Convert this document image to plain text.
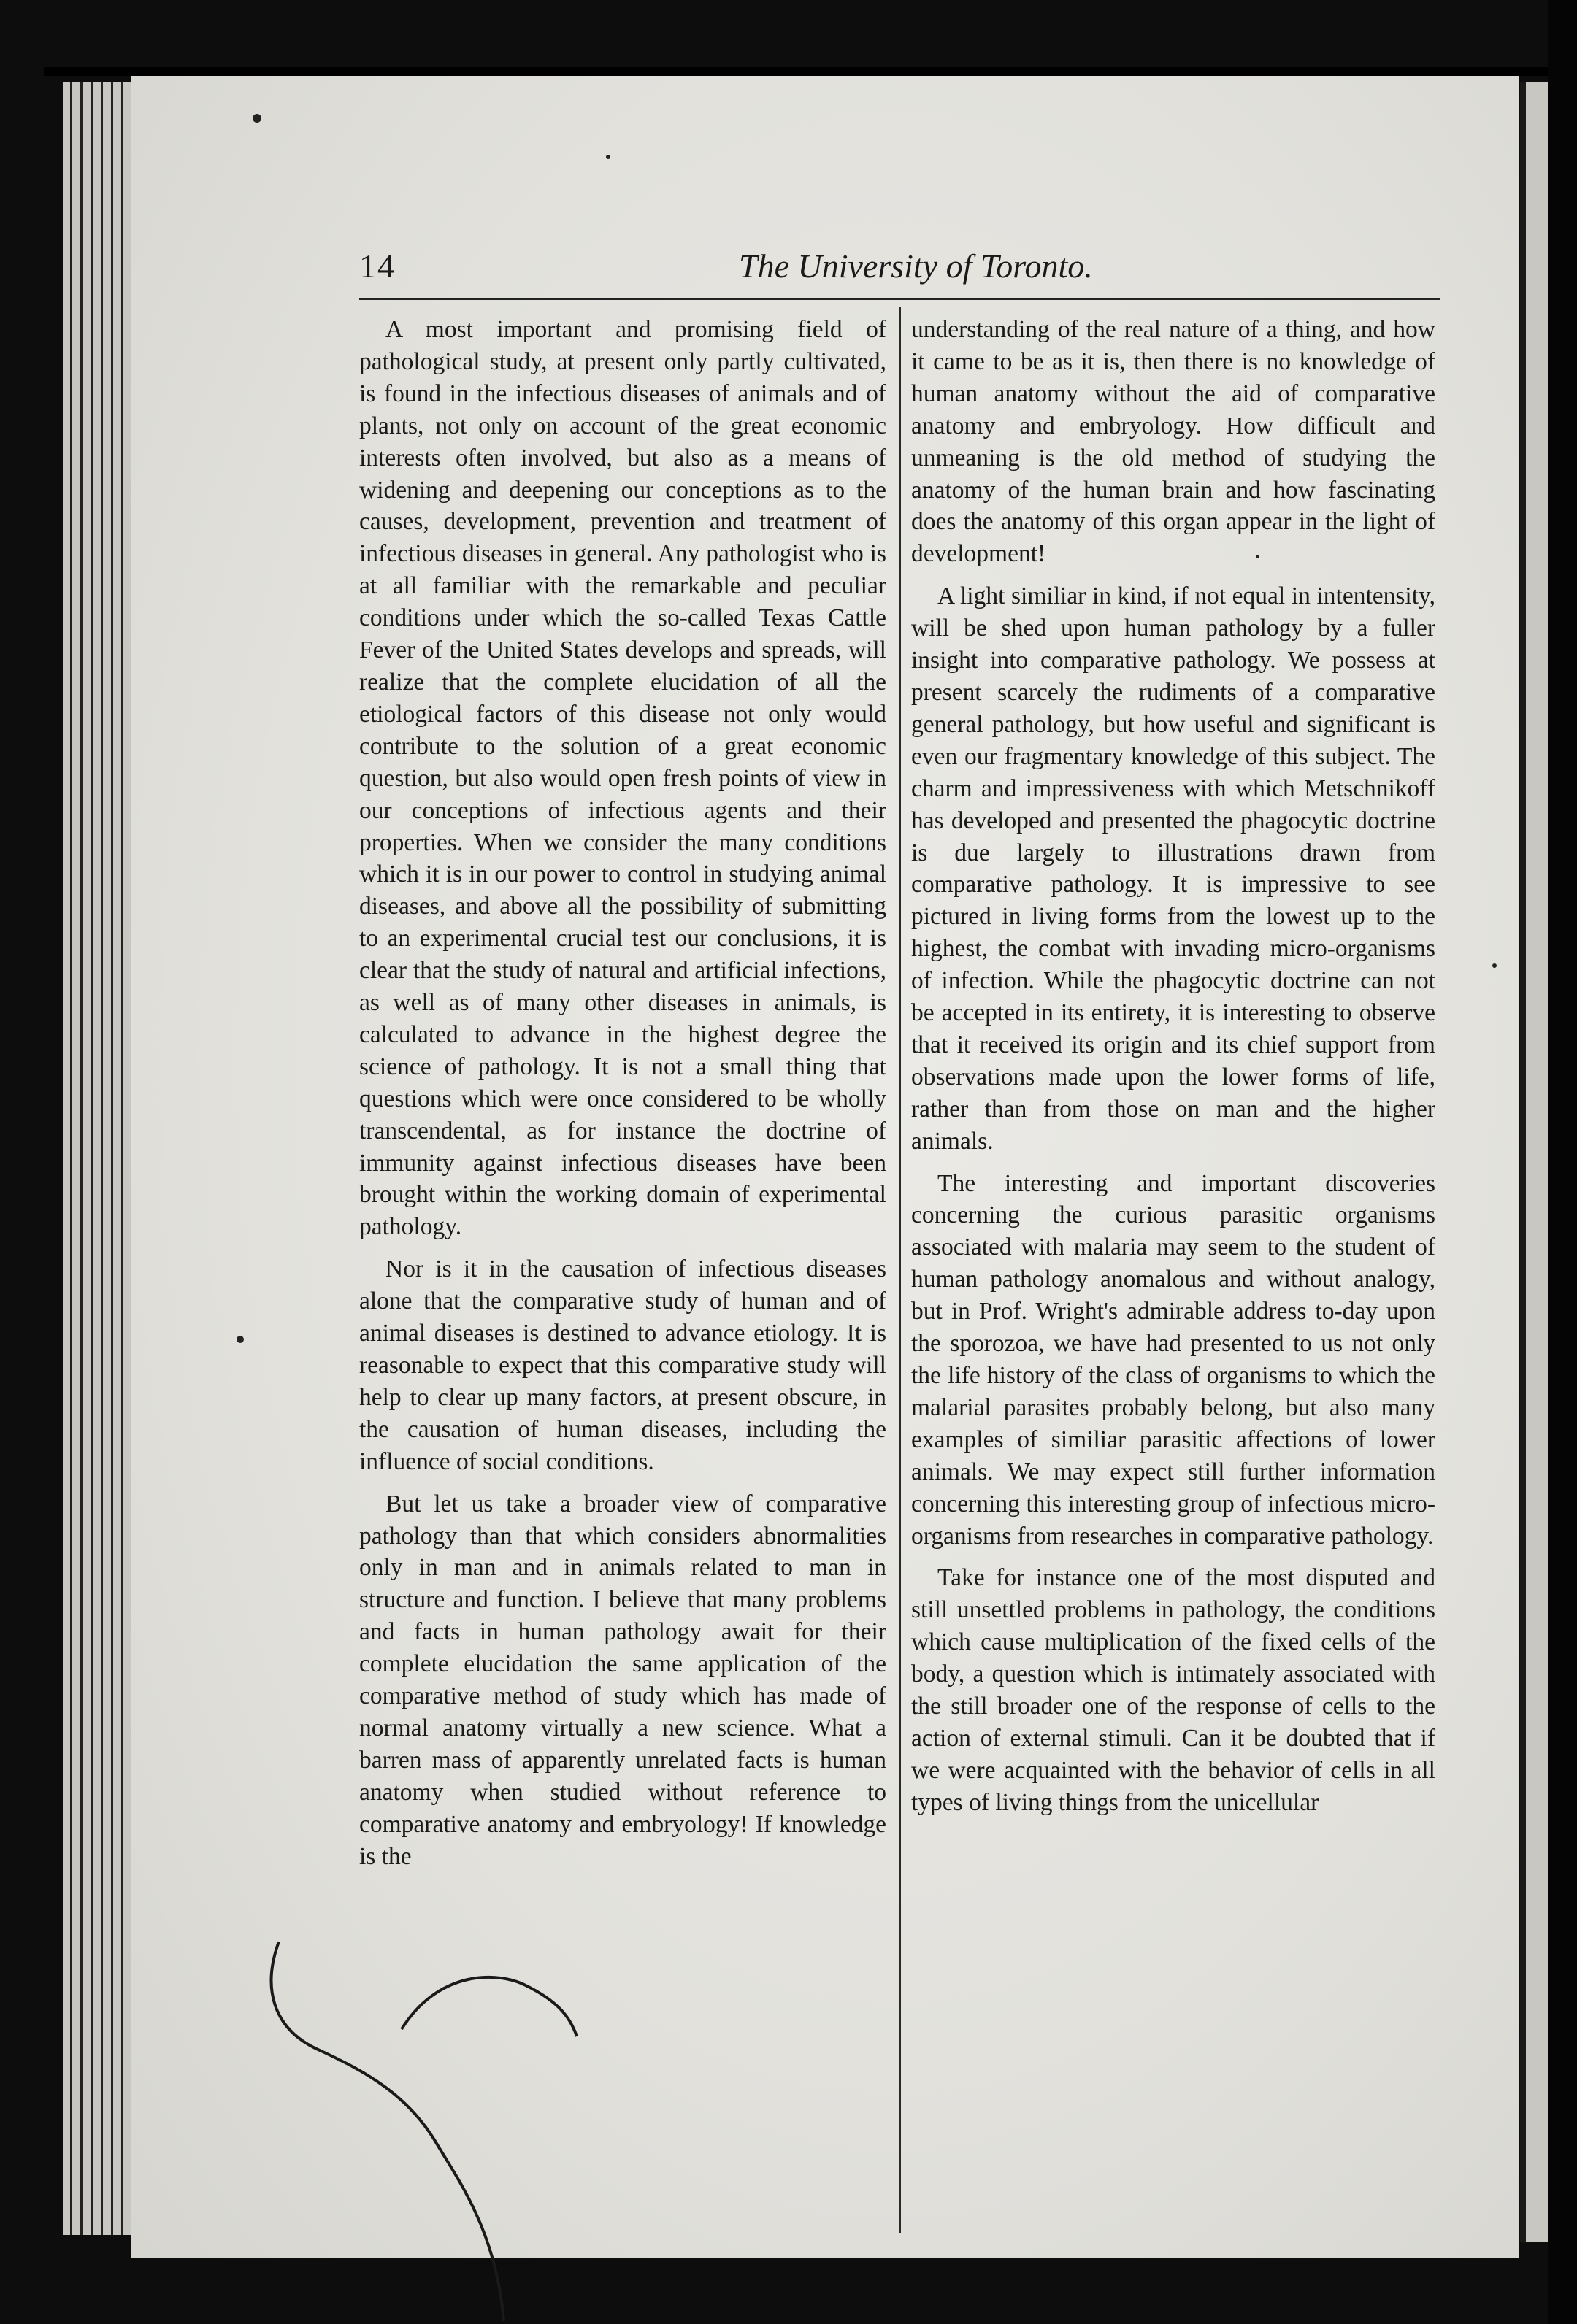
14	The University of Toronto.

A most important and promising field of pathological study, at present only partly cultivated, is found in the infectious diseases of animals and of plants, not only on account of the great economic interests often involved, but also as a means of widening and deepening our conceptions as to the causes, development, prevention and treatment of infectious diseases in general. Any pathologist who is at all familiar with the remarkable and peculiar conditions under which the so-called Texas Cattle Fever of the United States develops and spreads, will realize that the complete elucidation of all the etiological factors of this disease not only would contribute to the solution of a great economic question, but also would open fresh points of view in our conceptions of infectious agents and their properties. When we consider the many conditions which it is in our power to control in studying animal diseases, and above all the possibility of submitting to an experimental crucial test our conclusions, it is clear that the study of natural and artificial infections, as well as of many other diseases in animals, is calculated to advance in the highest degree the science of pathology. It is not a small thing that questions which were once considered to be wholly transcendental, as for instance the doctrine of immunity against infectious diseases have been brought within the working domain of experimental pathology.

Nor is it in the causation of infectious diseases alone that the comparative study of human and of animal diseases is destined to advance etiology. It is reasonable to expect that this comparative study will help to clear up many factors, at present obscure, in the causation of human diseases, including the influence of social conditions.

But let us take a broader view of comparative pathology than that which considers abnormalities only in man and in animals related to man in structure and function. I believe that many problems and facts in human pathology await for their complete elucidation the same application of the comparative method of study which has made of normal anatomy virtually a new science. What a barren mass of apparently unrelated facts is human anatomy when studied without reference to comparative anatomy and embryology! If knowledge is the

understanding of the real nature of a thing, and how it came to be as it is, then there is no knowledge of human anatomy without the aid of comparative anatomy and embryology. How difficult and unmeaning is the old method of studying the anatomy of the human brain and how fascinating does the anatomy of this organ appear in the light of development!

A light similiar in kind, if not equal in intentensity, will be shed upon human pathology by a fuller insight into comparative pathology. We possess at present scarcely the rudiments of a comparative general pathology, but how useful and significant is even our fragmentary knowledge of this subject. The charm and impressiveness with which Metschnikoff has developed and presented the phagocytic doctrine is due largely to illustrations drawn from comparative pathology. It is impressive to see pictured in living forms from the lowest up to the highest, the combat with invading micro-organisms of infection. While the phagocytic doctrine can not be accepted in its entirety, it is interesting to observe that it received its origin and its chief support from observations made upon the lower forms of life, rather than from those on man and the higher animals.

The interesting and important discoveries concerning the curious parasitic organisms associated with malaria may seem to the student of human pathology anomalous and without analogy, but in Prof. Wright's admirable address to-day upon the sporozoa, we have had presented to us not only the life history of the class of organisms to which the malarial parasites probably belong, but also many examples of similiar parasitic affections of lower animals. We may expect still further information concerning this interesting group of infectious micro-organisms from researches in comparative pathology.

Take for instance one of the most disputed and still unsettled problems in pathology, the conditions which cause multiplication of the fixed cells of the body, a question which is intimately associated with the still broader one of the response of cells to the action of external stimuli. Can it be doubted that if we were acquainted with the behavior of cells in all types of living things from the unicellular
